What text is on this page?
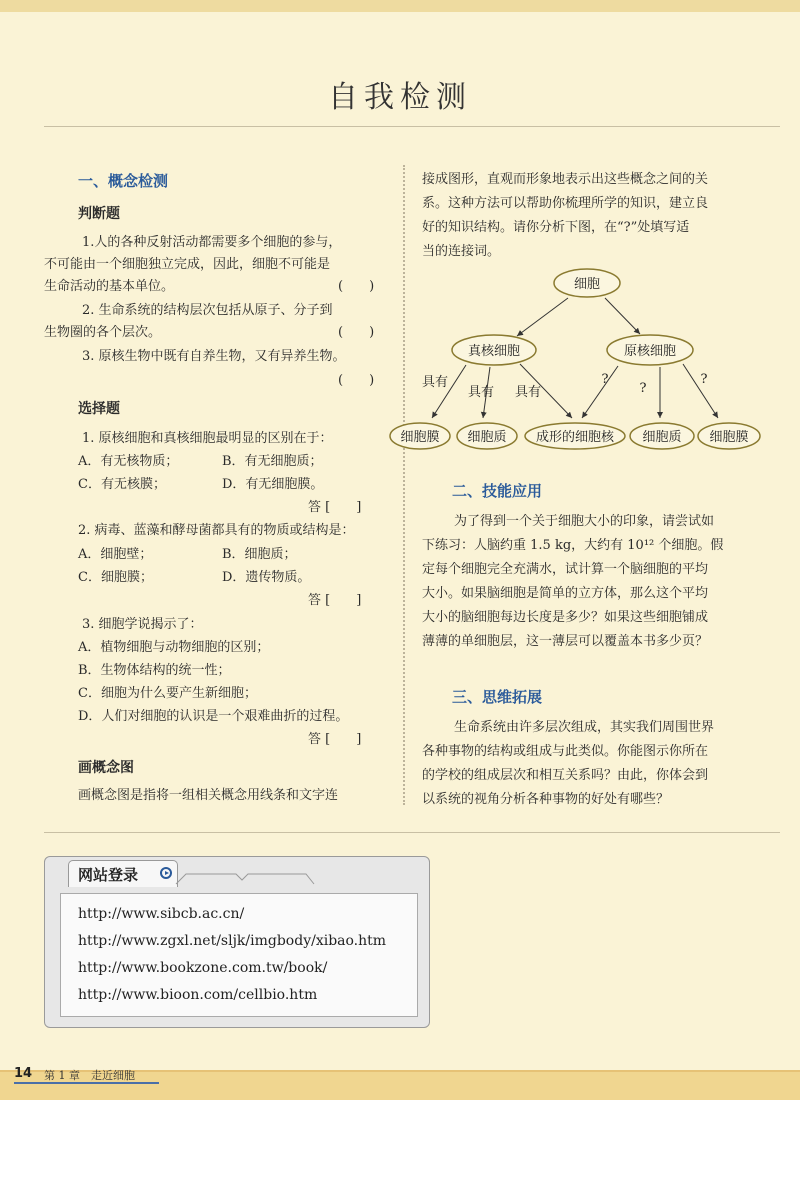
自我检测
一、概念检测
判断题
1.人的各种反射活动都需要多个细胞的参与，
不可能由一个细胞独立完成，因此，细胞不可能是
生命活动的基本单位。	(　　)
2. 生命系统的结构层次包括从原子、分子到
生物圈的各个层次。	(　　)
3. 原核生物中既有自养生物，又有异养生物。
(　　)
选择题
1. 原核细胞和真核细胞最明显的区别在于：
A．有无核物质；	B．有无细胞质；
C．有无核膜；	D．有无细胞膜。
答 [　　]
2. 病毒、蓝藻和酵母菌都具有的物质或结构是：
A．细胞壁；	B．细胞质；
C．细胞膜；	D．遗传物质。
答 [　　]
3. 细胞学说揭示了：
A．植物细胞与动物细胞的区别；
B．生物体结构的统一性；
C．细胞为什么要产生新细胞；
D．人们对细胞的认识是一个艰难曲折的过程。
答 [　　]
画概念图
画概念图是指将一组相关概念用线条和文字连
接成图形，直观而形象地表示出这些概念之间的关
系。这种方法可以帮助你梳理所学的知识，建立良
好的知识结构。请你分析下图，在“?”处填写适
当的连接词。
细胞
真核细胞	原核细胞
细胞膜 细胞质 成形的细胞核 细胞质 细胞膜
具有
具有 具有
?
?
?
二、技能应用
为了得到一个关于细胞大小的印象，请尝试如
下练习：人脑约重 1.5 kg，大约有 10¹² 个细胞。假
定每个细胞完全充满水，试计算一个脑细胞的平均
大小。如果脑细胞是简单的立方体，那么这个平均
大小的脑细胞每边长度是多少？如果这些细胞铺成
薄薄的单细胞层，这一薄层可以覆盖本书多少页？
三、思维拓展
生命系统由许多层次组成，其实我们周围世界
各种事物的结构或组成与此类似。你能图示你所在
的学校的组成层次和相互关系吗？由此，你体会到
以系统的视角分析各种事物的好处有哪些？
网站登录
http://www.sibcb.ac.cn/
http://www.zgxl.net/sljk/imgbody/xibao.htm
http://www.bookzone.com.tw/book/
http://www.bioon.com/cellbio.htm
14 第 1 章　走近细胞
